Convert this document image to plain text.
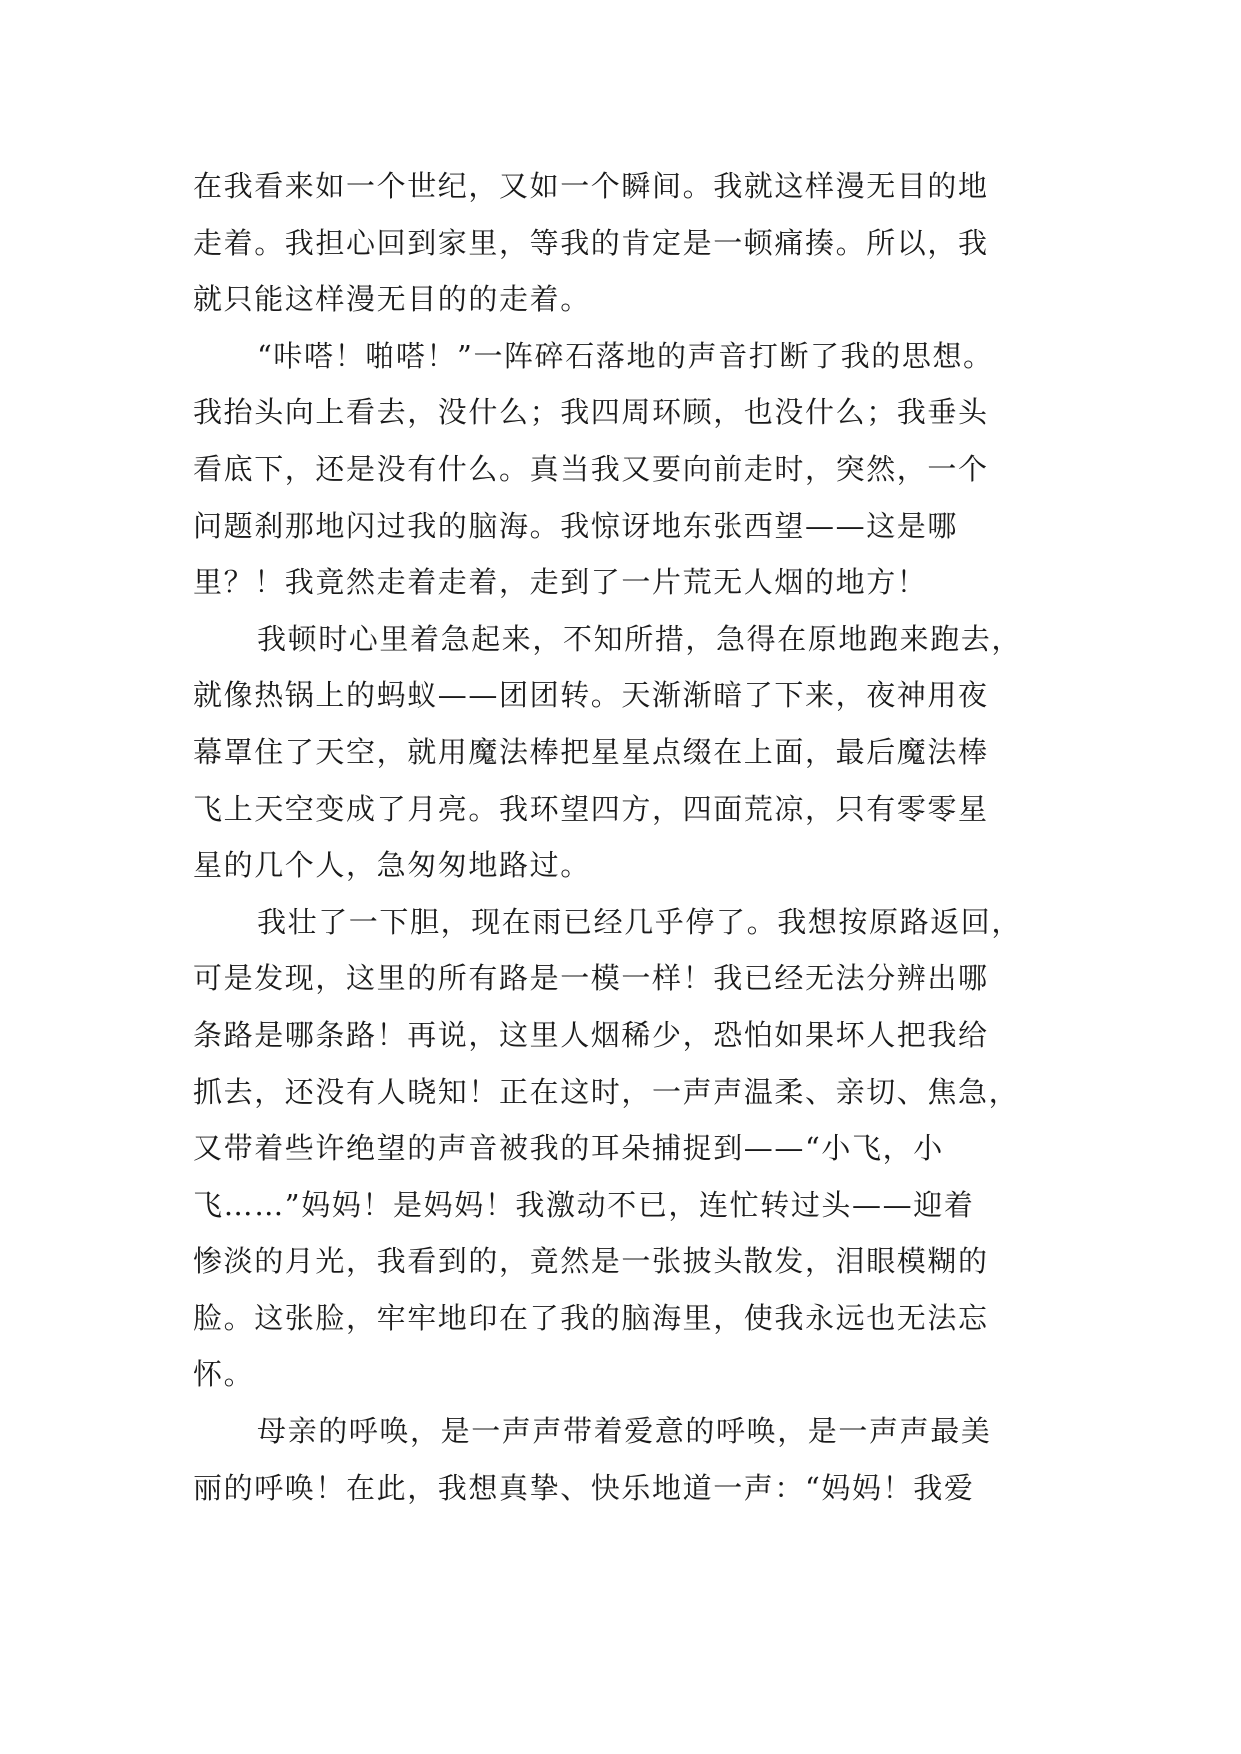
在我看来如一个世纪，又如一个瞬间。我就这样漫无目的地
走着。我担心回到家里，等我的肯定是一顿痛揍。所以，我
就只能这样漫无目的的走着。
“咔嗒！啪嗒！”一阵碎石落地的声音打断了我的思想。
我抬头向上看去，没什么；我四周环顾，也没什么；我垂头
看底下，还是没有什么。真当我又要向前走时，突然，一个
问题刹那地闪过我的脑海。我惊讶地东张西望——这是哪
里？！我竟然走着走着，走到了一片荒无人烟的地方！
我顿时心里着急起来，不知所措，急得在原地跑来跑去，
就像热锅上的蚂蚁——团团转。天渐渐暗了下来，夜神用夜
幕罩住了天空，就用魔法棒把星星点缀在上面，最后魔法棒
飞上天空变成了月亮。我环望四方，四面荒凉，只有零零星
星的几个人，急匆匆地路过。
我壮了一下胆，现在雨已经几乎停了。我想按原路返回，
可是发现，这里的所有路是一模一样！我已经无法分辨出哪
条路是哪条路！再说，这里人烟稀少，恐怕如果坏人把我给
抓去，还没有人晓知！正在这时，一声声温柔、亲切、焦急，
又带着些许绝望的声音被我的耳朵捕捉到——“小飞，小
飞……”妈妈！是妈妈！我激动不已，连忙转过头——迎着
惨淡的月光，我看到的，竟然是一张披头散发，泪眼模糊的
脸。这张脸，牢牢地印在了我的脑海里，使我永远也无法忘
怀。
母亲的呼唤，是一声声带着爱意的呼唤，是一声声最美
丽的呼唤！在此，我想真挚、快乐地道一声：“妈妈！我爱
